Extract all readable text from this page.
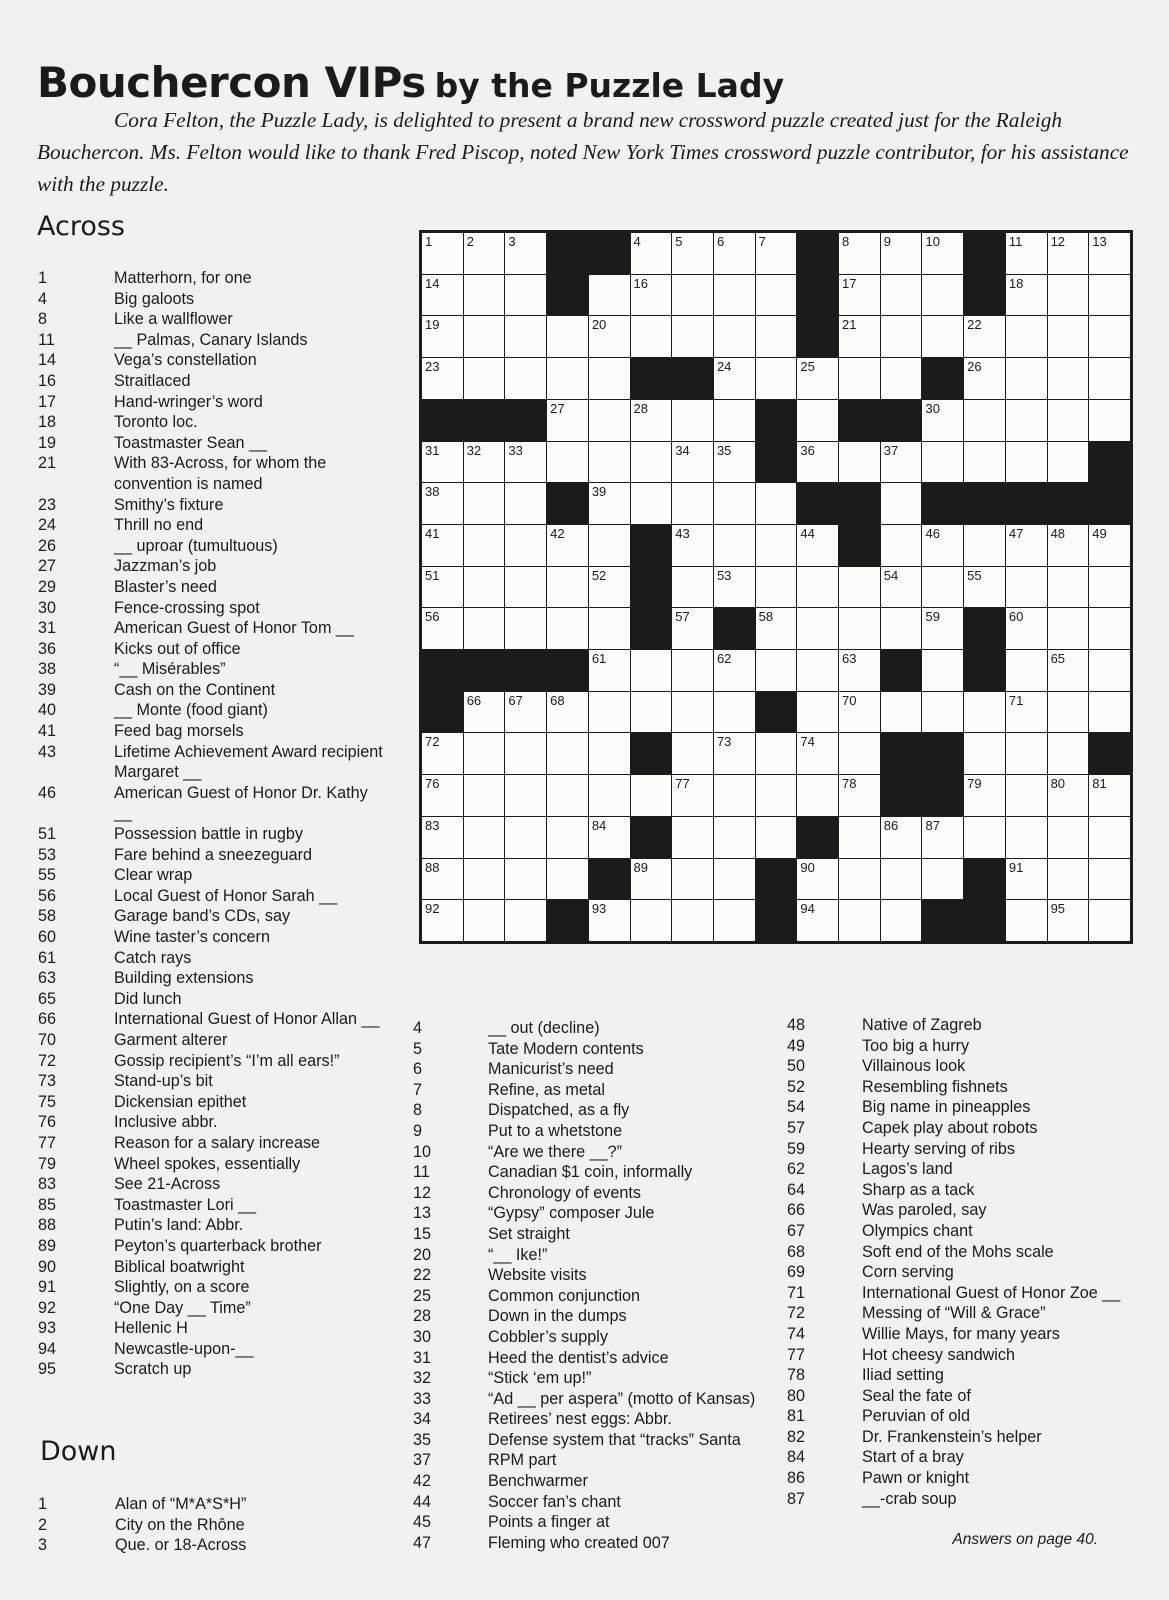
Bouchercon VIPs by the Puzzle Lady

Cora Felton, the Puzzle Lady, is delighted to present a brand new crossword puzzle created just for the Raleigh Bouchercon. Ms. Felton would like to thank Fred Piscop, noted New York Times crossword puzzle contributor, for his assistance with the puzzle.

Across
1	Matterhorn, for one
4	Big galoots
8	Like a wallflower
11	__ Palmas, Canary Islands
14	Vega’s constellation
16	Straitlaced
17	Hand-wringer’s word
18	Toronto loc.
19	Toastmaster Sean __
21	With 83-Across, for whom the convention is named
23	Smithy’s fixture
24	Thrill no end
26	__ uproar (tumultuous)
27	Jazzman’s job
29	Blaster’s need
30	Fence-crossing spot
31	American Guest of Honor Tom __
36	Kicks out of office
38	“__ Misérables”
39	Cash on the Continent
40	__ Monte (food giant)
41	Feed bag morsels
43	Lifetime Achievement Award recipient Margaret __
46	American Guest of Honor Dr. Kathy __
51	Possession battle in rugby
53	Fare behind a sneezeguard
55	Clear wrap
56	Local Guest of Honor Sarah __
58	Garage band’s CDs, say
60	Wine taster’s concern
61	Catch rays
63	Building extensions
65	Did lunch
66	International Guest of Honor Allan __
70	Garment alterer
72	Gossip recipient’s “I’m all ears!”
73	Stand-up’s bit
75	Dickensian epithet
76	Inclusive abbr.
77	Reason for a salary increase
79	Wheel spokes, essentially
83	See 21-Across
85	Toastmaster Lori __
88	Putin’s land: Abbr.
89	Peyton’s quarterback brother
90	Biblical boatwright
91	Slightly, on a score
92	“One Day __ Time”
93	Hellenic H
94	Newcastle-upon-__
95	Scratch up
1	2	3	4	5	6	7	8	9	10	11 12 13
14	16	17	18
19	20	21	22
23	24	25	26
27	28	30
31 32 33	34 35	36	37
38	39
41	42	43	44	46	47 48 49
51	52	53	54	55
56	57	58	59	60
61	62	63	65
66 67 68	70	71
72	73	74
76	77	78	79	80 81
83	84	86 87
88	89	90	91
92	93	94	95
Down
1	Alan of “M*A*S*H”
2	City on the Rhône
3	Que. or 18-Across
4	__ out (decline)
5	Tate Modern contents
6	Manicurist’s need
7	Refine, as metal
8	Dispatched, as a fly
9	Put to a whetstone
10	“Are we there __?”
11	Canadian $1 coin, informally
12	Chronology of events
13	“Gypsy” composer Jule
15	Set straight
20	“__ Ike!”
22	Website visits
25	Common conjunction
28	Down in the dumps
30	Cobbler’s supply
31	Heed the dentist’s advice
32	“Stick ‘em up!”
33	“Ad __ per aspera” (motto of Kansas)
34	Retirees’ nest eggs: Abbr.
35	Defense system that “tracks” Santa
37	RPM part
42	Benchwarmer
44	Soccer fan’s chant
45	Points a finger at
47	Fleming who created 007
48	Native of Zagreb
49	Too big a hurry
50	Villainous look
52	Resembling fishnets
54	Big name in pineapples
57	Capek play about robots
59	Hearty serving of ribs
62	Lagos’s land
64	Sharp as a tack
66	Was paroled, say
67	Olympics chant
68	Soft end of the Mohs scale
69	Corn serving
71	International Guest of Honor Zoe __
72	Messing of “Will & Grace”
74	Willie Mays, for many years
77	Hot cheesy sandwich
78	Iliad setting
80	Seal the fate of
81	Peruvian of old
82	Dr. Frankenstein’s helper
84	Start of a bray
86	Pawn or knight
87	__-crab soup

Answers on page 40.
